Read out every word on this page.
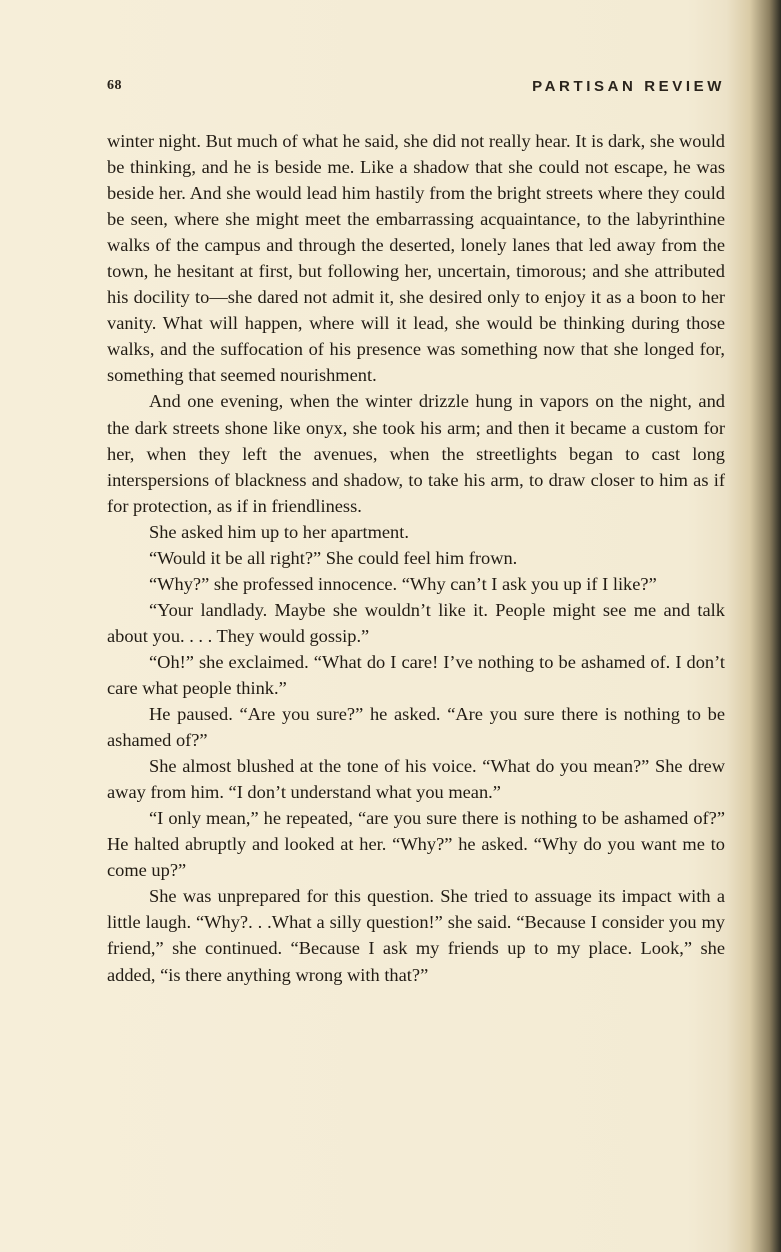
68	PARTISAN REVIEW

winter night. But much of what he said, she did not really hear. It is dark, she would be thinking, and he is beside me. Like a shadow that she could not escape, he was beside her. And she would lead him hastily from the bright streets where they could be seen, where she might meet the embarrassing acquaintance, to the labyrinthine walks of the campus and through the deserted, lonely lanes that led away from the town, he hesitant at first, but following her, uncertain, timorous; and she attributed his docility to—she dared not admit it, she desired only to enjoy it as a boon to her vanity. What will happen, where will it lead, she would be thinking during those walks, and the suffocation of his presence was something now that she longed for, something that seemed nourishment.

And one evening, when the winter drizzle hung in vapors on the night, and the dark streets shone like onyx, she took his arm; and then it became a custom for her, when they left the avenues, when the streetlights began to cast long interspersions of blackness and shadow, to take his arm, to draw closer to him as if for protection, as if in friendliness.

She asked him up to her apartment.

“Would it be all right?” She could feel him frown.

“Why?” she professed innocence. “Why can’t I ask you up if I like?”

“Your landlady. Maybe she wouldn’t like it. People might see me and talk about you. . . . They would gossip.”

“Oh!” she exclaimed. “What do I care! I’ve nothing to be ashamed of. I don’t care what people think.”

He paused. “Are you sure?” he asked. “Are you sure there is nothing to be ashamed of?”

She almost blushed at the tone of his voice. “What do you mean?” She drew away from him. “I don’t understand what you mean.”

“I only mean,” he repeated, “are you sure there is nothing to be ashamed of?” He halted abruptly and looked at her. “Why?” he asked. “Why do you want me to come up?”

She was unprepared for this question. She tried to assuage its impact with a little laugh. “Why?. . .What a silly question!” she said. “Because I consider you my friend,” she continued. “Because I ask my friends up to my place. Look,” she added, “is there anything wrong with that?”
